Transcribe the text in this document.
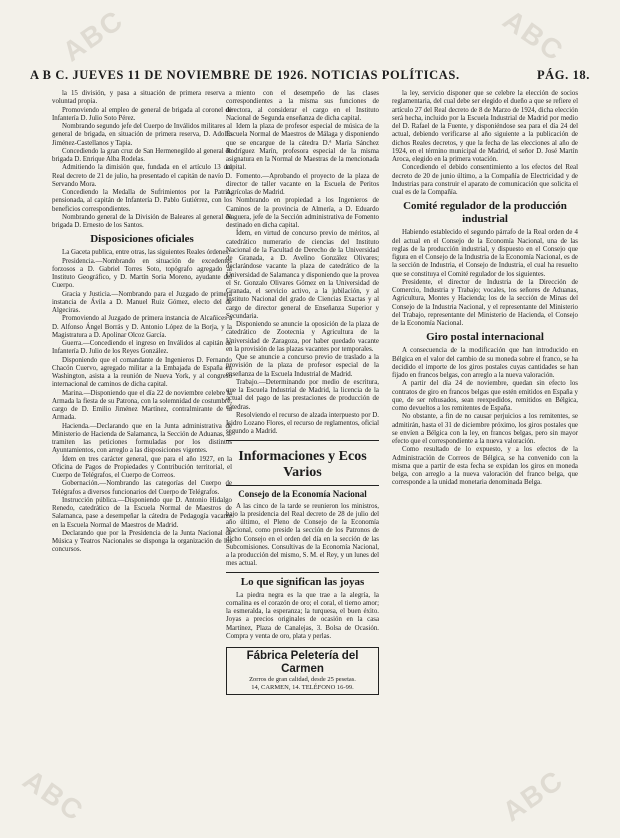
ABC	ABC
ABC	ABC
A B C. JUEVES 11 DE NOVIEMBRE DE 1926. NOTICIAS POLÍTICAS.	PÁG. 18.

la 15 división, y pasa a situación de primera reserva a voluntad propia.

Promoviendo al empleo de general de brigada al coronel de Infantería D. Julio Soto Pérez.

Nombrando segundo jefe del Cuerpo de Inválidos militares al general de brigada, en situación de primera reserva, D. Adolfo Jiménez-Castellanos y Tapia.

Concediendo la gran cruz de San Hermenegildo al general de brigada D. Enrique Alba Rodelas.

Admitiendo la dimisión que, fundada en el artículo 13 del Real decreto de 21 de julio, ha presentado el capitán de navío D. Servando Mora.

Concediendo la Medalla de Sufrimientos por la Patria, pensionada, al capitán de Infantería D. Pablo Gutiérrez, con los beneficios correspondientes.

Nombrando general de la División de Baleares al general de brigada D. Ernesto de los Santos.

Disposiciones oficiales

La Gaceta publica, entre otras, las siguientes Reales órdenes:

Presidencia.—Nombrando en situación de excedentes forzosos a D. Gabriel Torres Soto, topógrafo agregado al Instituto Geográfico, y D. Martín Soria Moreno, ayudante del Cuerpo.

Gracia y Justicia.—Nombrando para el Juzgado de primera instancia de Ávila a D. Manuel Ruiz Gómez, electo del de Algeciras.

Promoviendo al Juzgado de primera instancia de Alcañices a D. Alfonso Ángel Borrás y D. Antonio López de la Borja, y la Magistratura a D. Apolinar Olcoz García.

Guerra.—Concediendo el ingreso en Inválidos al capitán de Infantería D. Julio de los Reyes González.

Disponiendo que el comandante de Ingenieros D. Fernando Chacón Cuervo, agregado militar a la Embajada de España en Washington, asista a la reunión de Nueva York, y al congreso internacional de caminos de dicha capital.

Marina.—Disponiendo que el día 22 de noviembre celebre la Armada la fiesta de su Patrona, con la solemnidad de costumbre, cargo de D. Emilio Jiménez Martínez, contralmirante de la Armada.

Hacienda.—Declarando que en la Junta administrativa de Ministerio de Hacienda de Salamanca, la Sección de Aduanas, se tramiten las peticiones formuladas por los distintos Ayuntamientos, con arreglo a las disposiciones vigentes.

Ídem en tres carácter general, que para el año 1927, en la Oficina de Pagos de Propiedades y Contribución territorial, el Cuerpo de Telégrafos, el Cuerpo de Correos.

Gobernación.—Nombrando las categorías del Cuerpo de Telégrafos a diversos funcionarios del Cuerpo de Telégrafos.

Instrucción pública.—Disponiendo que D. Antonio Hidalgo Renedo, catedrático de la Escuela Normal de Maestros de Salamanca, pase a desempeñar la cátedra de Pedagogía vacante en la Escuela Normal de Maestros de Madrid.

Declarando que por la Presidencia de la Junta Nacional de Música y Teatros Nacionales se disponga la organización de los concursos.

miento con el desempeño de las clases correspondientes a la misma sus funciones de directora, al considerar el cargo en el Instituto Nacional de Segunda enseñanza de dicha capital.

Idem la plaza de profesor especial de música de la Escuela Normal de Maestros de Málaga y disponiendo que se encargue de la cátedra D.ª María Sánchez Rodríguez Marín, profesora especial de la misma asignatura en la Normal de Maestras de la mencionada capital.

Fomento.—Aprobando el proyecto de la plaza de director de taller vacante en la Escuela de Peritos Agrícolas de Madrid.

Nombrando en propiedad a los Ingenieros de Caminos de la provincia de Almería, a D. Eduardo Naguera, jefe de la Sección administrativa de Fomento destinado en dicha capital.

Ídem, en virtud de concurso previo de méritos, al catedrático numerario de ciencias del Instituto Nacional de la Facultad de Derecho de la Universidad de Granada, a D. Avelino González Olivares; declarándose vacante la plaza de catedrático de la Universidad de Salamanca y disponiendo que la provea el Sr. Gonzalo Olivares Gómez en la Universidad de Granada, el servicio activo, a la jubilación, y al Instituto Nacional del grado de Ciencias Exactas y al cargo de director general de Enseñanza Superior y Secundaria.

Disponiendo se anuncie la oposición de la plaza de catedrático de Zootecnia y Agricultura de la Universidad de Zaragoza, por haber quedado vacante en la provisión de las plazas vacantes por temporales.

Que se anuncie a concurso previo de traslado a la provisión de la plaza de profesor especial de la enseñanza de la Escuela Industrial de Madrid.

Trabajo.—Determinando por medio de escritura, que la Escuela Industrial de Madrid, la licencia de la actual del pago de las prestaciones de producción de cátedras.

Resolviendo el recurso de alzada interpuesto por D. Isidro Lozano Flores, el recurso de reglamentos, oficial segundo a Madrid.

Informaciones y Ecos Varios
Consejo de la Economía Nacional

A las cinco de la tarde se reunieron los ministros, bajo la presidencia del Real decreto de 28 de julio del año último, el Pleno de Consejo de la Economía Nacional, como preside la sección de los Patronos de dicho Consejo en el orden del día en la sección de las Subcomisiones. Consultivas de la Economía Nacional, a la producción del mismo, S. M. el Rey, y un lunes del mes actual.

Lo que significan las joyas

La piedra negra es la que trae a la alegría, la cornalina es el corazón de oro; el coral, el tierno amor; la esmeralda, la esperanza; la turquesa, el buen éxito. Joyas a precios originales de ocasión en la casa Martínez, Plaza de Canalejas, 3. Bolsa de Ocasión. Compra y venta de oro, plata y perlas.

Fábrica Peletería del Carmen
Zorros de gran calidad, desde 25 pesetas.
14, CARMEN, 14. TELÉFONO 16-99.

la ley, servicio disponer que se celebre la elección de socios reglamentaria, del cual debe ser elegido el dueño a que se refiere el artículo 27 del Real decreto de 8 de Marzo de 1924, dicha elección será hecha, incluido por la Escuela Industrial de Madrid por medio del D. Rafael de la Fuente, y disponiéndose sea para el día 24 del actual, debiendo verificarse al año siguiente a la publicación de dichos Reales decretos, y que la fecha de las elecciones al año de 1924, en el término municipal de Madrid, el señor D. José Martín Aroca, elegido en la primera votación.

Concediendo el debido consentimiento a los efectos del Real decreto de 20 de junio último, a la Compañía de Electricidad y de Industrias para construir el aparato de comunicación que solicita el cual es de la Compañía.

Comité regulador de la producción industrial

Habiendo establecido el segundo párrafo de la Real orden de 4 del actual en el Consejo de la Economía Nacional, una de las reglas de la producción industrial, y dispuesto en el Consejo que figura en el Consejo de la Industria de la Economía Nacional, es de la sección de Industria, el Consejo de Industria, el cual ha resuelto que se constituya el Comité regulador de los siguientes.

Presidente, el director de Industria de la Dirección de Comercio, Industria y Trabajo; vocales, los señores de Aduanas, Agricultura, Montes y Hacienda; los de la sección de Minas del Consejo de la Industria Nacional, y el representante del Ministerio del Trabajo, representante del Ministerio de Hacienda, el Consejo de la Economía Nacional.

Giro postal internacional

A consecuencia de la modificación que han introducido en Bélgica en el valor del cambio de su moneda sobre el franco, se ha decidido el importe de los giros postales cuyas cantidades se han fijado en francos belgas, con arreglo a la nueva valoración.

A partir del día 24 de noviembre, quedan sin efecto los contratos de giro en francos belgas que estén emitidos en España y que, de ser rehusados, sean reexpedidos, remitidos en Bélgica, como devueltos a los remitentes de España.

No obstante, a fin de no causar perjuicios a los remitentes, se admitirán, hasta el 31 de diciembre próximo, los giros postales que se envíen a Bélgica con la ley, en francos belgas, pero sin mayor efecto que el correspondiente a la nueva valoración.

Como resultado de lo expuesto, y a los efectos de la Administración de Correos de Bélgica, se ha convenido con la misma que a partir de esta fecha se expidan los giros en moneda belga, con arreglo a la nueva valoración del franco belga, que corresponde a la unidad monetaria denominada Belga.
